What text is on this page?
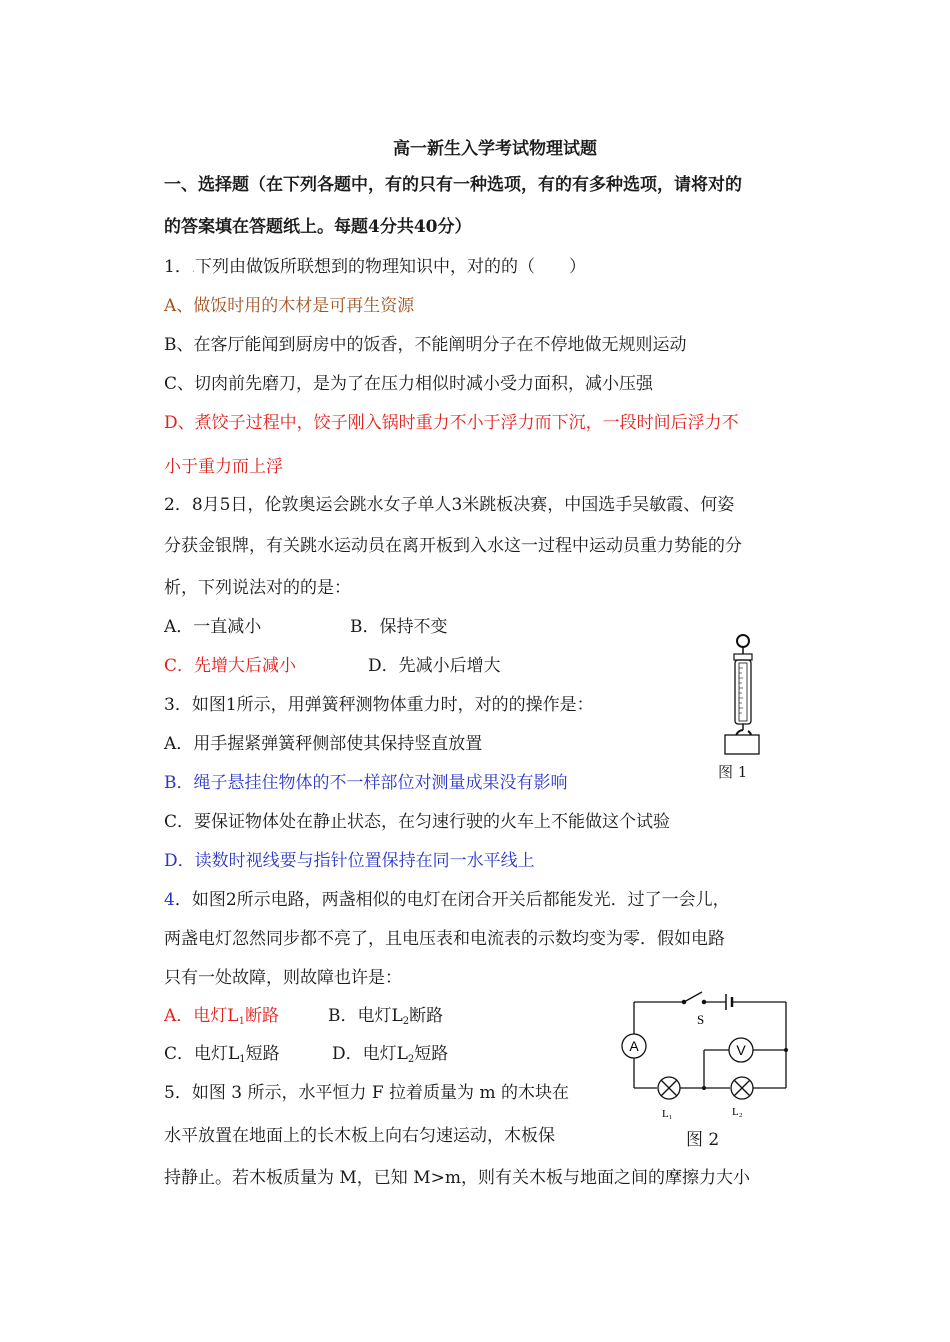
高一新生入学考试物理试题
一、选择题（在下列各题中，有的只有一种选项，有的有多种选项，请将对的
的答案填在答题纸上。每题4分共40分）
1．.下列由做饭所联想到的物理知识中，对的的（　　）
A、做饭时用的木材是可再生资源
B、在客厅能闻到厨房中的饭香，不能阐明分子在不停地做无规则运动
C、切肉前先磨刀，是为了在压力相似时减小受力面积，减小压强
D、煮饺子过程中，饺子刚入锅时重力不小于浮力而下沉，一段时间后浮力不
小于重力而上浮
2．8月5日，伦敦奥运会跳水女子单人3米跳板决赛，中国选手吴敏霞、何姿
分获金银牌，有关跳水运动员在离开板到入水这一过程中运动员重力势能的分
析，下列说法对的的是：
A．一直减小	B．保持不变
C．先增大后减小	D．先减小后增大
3．如图1所示，用弹簧秤测物体重力时，对的的操作是：
A．用手握紧弹簧秤侧部使其保持竖直放置
B．绳子悬挂住物体的不一样部位对测量成果没有影响
C．要保证物体处在静止状态，在匀速行驶的火车上不能做这个试验
D．读数时视线要与指针位置保持在同一水平线上
图 1
4．如图2所示电路，两盏相似的电灯在闭合开关后都能发光．过了一会儿，
两盏电灯忽然同步都不亮了，且电压表和电流表的示数均变为零．假如电路
只有一处故障，则故障也许是：
A．电灯$L_1$断路	B．电灯$L_2$断路
C．电灯$L_1$短路	D．电灯$L_2$短路
S
A	V
L₁	L₂
图 2
5．如图 3 所示，水平恒力 F 拉着质量为 m 的木块在
水平放置在地面上的长木板上向右匀速运动，木板保
持静止。若木板质量为 M，已知 M>m，则有关木板与地面之间的摩擦力大小
